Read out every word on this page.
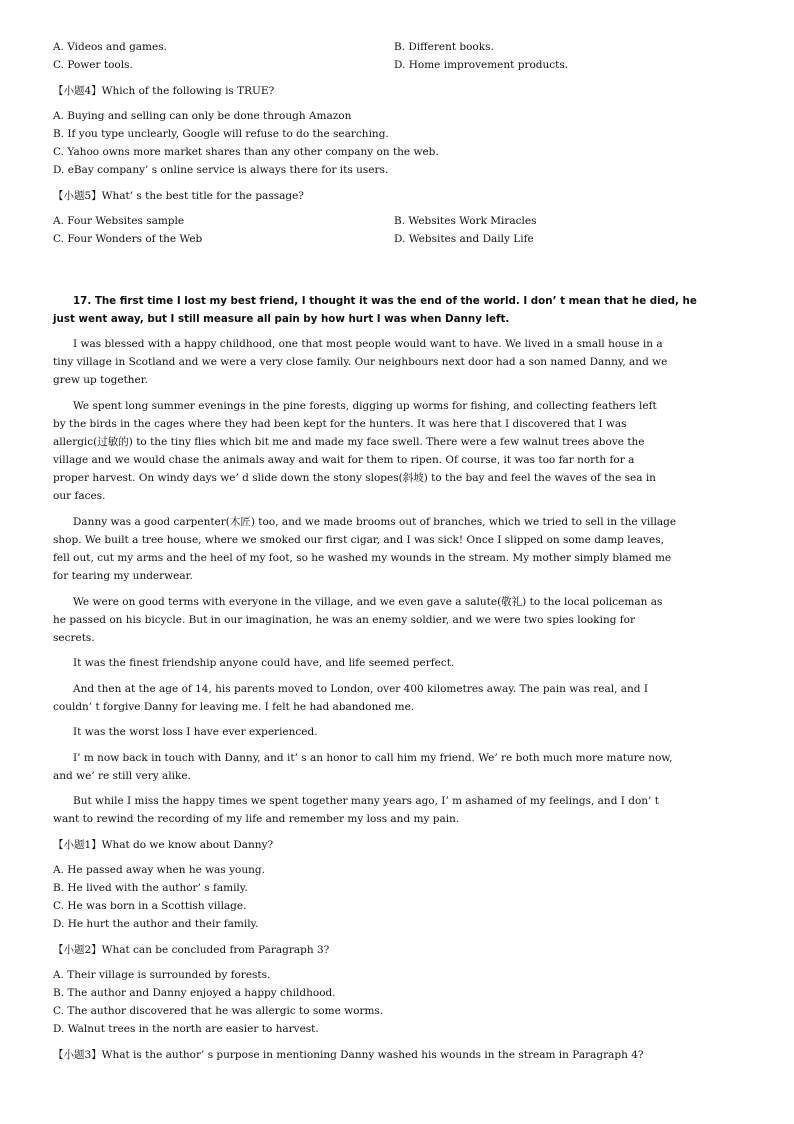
A. Videos and games.	B. Different books.
C. Power tools.	D. Home improvement products.
【小题4】Which of the following is TRUE?
A. Buying and selling can only be done through Amazon
B. If you type unclearly, Google will refuse to do the searching.
C. Yahoo owns more market shares than any other company on the web.
D. eBay company’ s online service is always there for its users.
【小题5】What’ s the best title for the passage?
A. Four Websites sample	B. Websites Work Miracles
C. Four Wonders of the Web	D. Websites and Daily Life
17. The first time I lost my best friend, I thought it was the end of the world. I don’ t mean that he died, he
just went away, but I still measure all pain by how hurt I was when Danny left.
I was blessed with a happy childhood, one that most people would want to have. We lived in a small house in a
tiny village in Scotland and we were a very close family. Our neighbours next door had a son named Danny, and we
grew up together.
We spent long summer evenings in the pine forests, digging up worms for fishing, and collecting feathers left
by the birds in the cages where they had been kept for the hunters. It was here that I discovered that I was
allergic(过敏的) to the tiny flies which bit me and made my face swell. There were a few walnut trees above the
village and we would chase the animals away and wait for them to ripen. Of course, it was too far north for a
proper harvest. On windy days we’ d slide down the stony slopes(斜坡) to the bay and feel the waves of the sea in
our faces.
Danny was a good carpenter(木匠) too, and we made brooms out of branches, which we tried to sell in the village
shop. We built a tree house, where we smoked our first cigar, and I was sick! Once I slipped on some damp leaves,
fell out, cut my arms and the heel of my foot, so he washed my wounds in the stream. My mother simply blamed me
for tearing my underwear.
We were on good terms with everyone in the village, and we even gave a salute(敬礼) to the local policeman as
he passed on his bicycle. But in our imagination, he was an enemy soldier, and we were two spies looking for
secrets.
It was the finest friendship anyone could have, and life seemed perfect.
And then at the age of 14, his parents moved to London, over 400 kilometres away. The pain was real, and I
couldn’ t forgive Danny for leaving me. I felt he had abandoned me.
It was the worst loss I have ever experienced.
I’ m now back in touch with Danny, and it’ s an honor to call him my friend. We’ re both much more mature now,
and we’ re still very alike.
But while I miss the happy times we spent together many years ago, I’ m ashamed of my feelings, and I don’ t
want to rewind the recording of my life and remember my loss and my pain.
【小题1】What do we know about Danny?
A. He passed away when he was young.
B. He lived with the author’ s family.
C. He was born in a Scottish village.
D. He hurt the author and their family.
【小题2】What can be concluded from Paragraph 3?
A. Their village is surrounded by forests.
B. The author and Danny enjoyed a happy childhood.
C. The author discovered that he was allergic to some worms.
D. Walnut trees in the north are easier to harvest.
【小题3】What is the author’ s purpose in mentioning Danny washed his wounds in the stream in Paragraph 4?
